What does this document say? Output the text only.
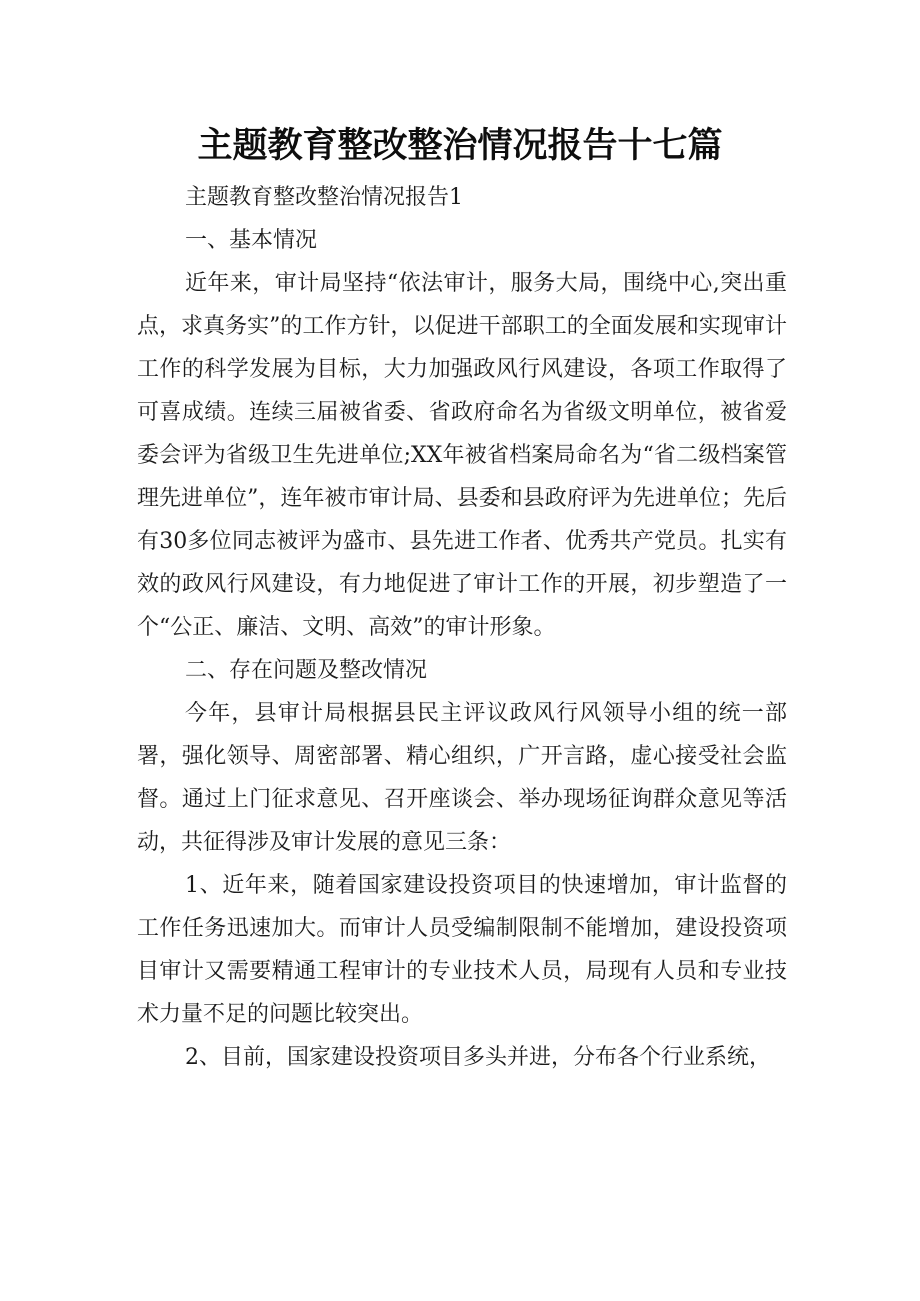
主题教育整改整治情况报告十七篇

主题教育整改整治情况报告1

一、基本情况

近年来，审计局坚持“依法审计，服务大局，围绕中心,突出重点，求真务实”的工作方针，以促进干部职工的全面发展和实现审计工作的科学发展为目标，大力加强政风行风建设，各项工作取得了可喜成绩。连续三届被省委、省政府命名为省级文明单位，被省爱委会评为省级卫生先进单位;XX年被省档案局命名为“省二级档案管理先进单位”，连年被市审计局、县委和县政府评为先进单位；先后有30多位同志被评为盛市、县先进工作者、优秀共产党员。扎实有效的政风行风建设，有力地促进了审计工作的开展，初步塑造了一个“公正、廉洁、文明、高效”的审计形象。

二、存在问题及整改情况

今年，县审计局根据县民主评议政风行风领导小组的统一部署，强化领导、周密部署、精心组织，广开言路，虚心接受社会监督。通过上门征求意见、召开座谈会、举办现场征询群众意见等活动，共征得涉及审计发展的意见三条：

1、近年来，随着国家建设投资项目的快速增加，审计监督的工作任务迅速加大。而审计人员受编制限制不能增加，建设投资项目审计又需要精通工程审计的专业技术人员，局现有人员和专业技术力量不足的问题比较突出。

2、目前，国家建设投资项目多头并进，分布各个行业系统，
